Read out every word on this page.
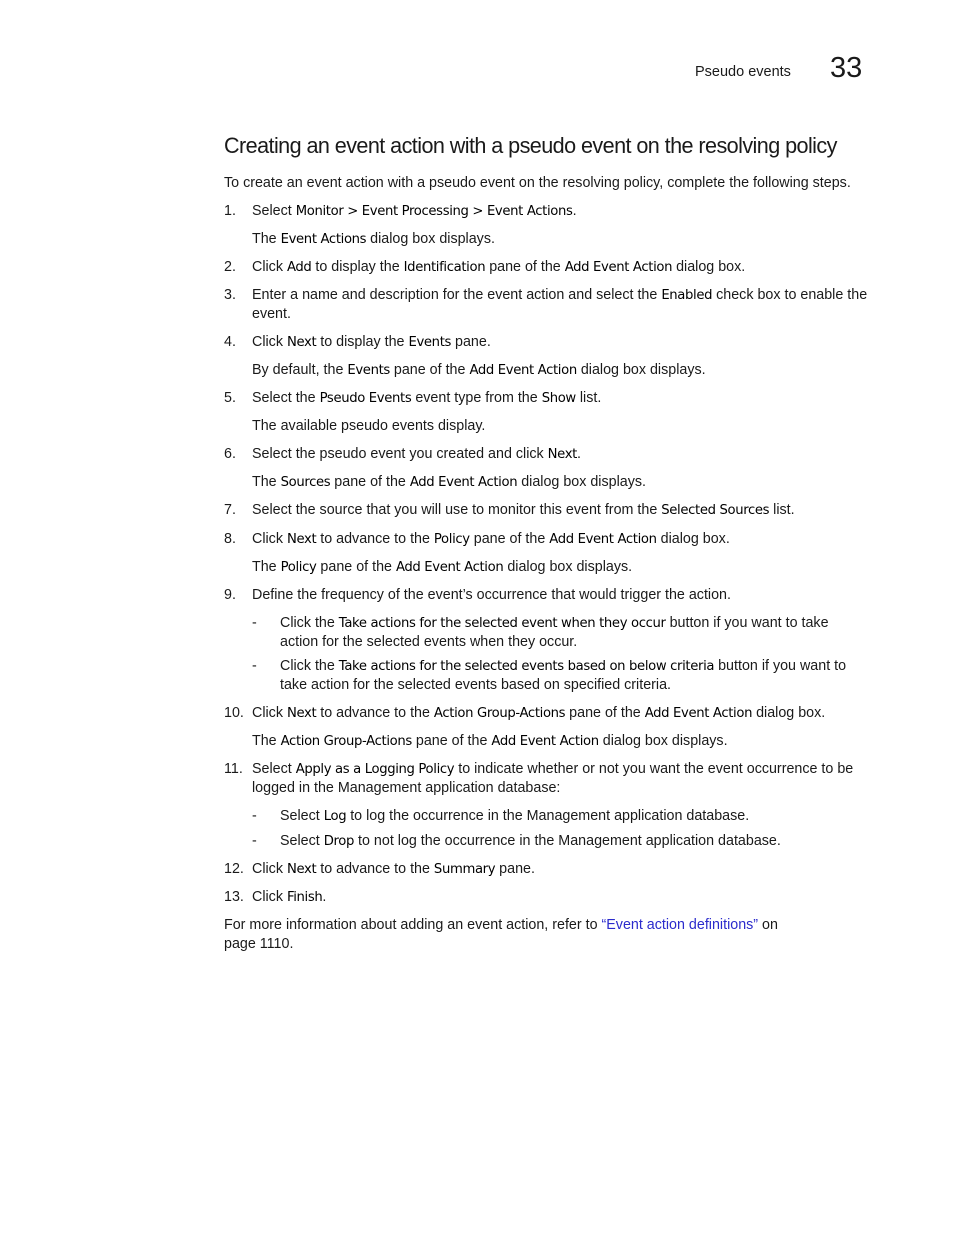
Pseudo events 33
Creating an event action with a pseudo event on the resolving policy
To create an event action with a pseudo event on the resolving policy, complete the following steps.
1. Select Monitor > Event Processing > Event Actions.
The Event Actions dialog box displays.
2. Click Add to display the Identification pane of the Add Event Action dialog box.
3. Enter a name and description for the event action and select the Enabled check box to enable the event.
4. Click Next to display the Events pane.
By default, the Events pane of the Add Event Action dialog box displays.
5. Select the Pseudo Events event type from the Show list.
The available pseudo events display.
6. Select the pseudo event you created and click Next.
The Sources pane of the Add Event Action dialog box displays.
7. Select the source that you will use to monitor this event from the Selected Sources list.
8. Click Next to advance to the Policy pane of the Add Event Action dialog box.
The Policy pane of the Add Event Action dialog box displays.
9. Define the frequency of the event’s occurrence that would trigger the action.
- Click the Take actions for the selected event when they occur button if you want to take action for the selected events when they occur.
- Click the Take actions for the selected events based on below criteria button if you want to take action for the selected events based on specified criteria.
10. Click Next to advance to the Action Group-Actions pane of the Add Event Action dialog box.
The Action Group-Actions pane of the Add Event Action dialog box displays.
11. Select Apply as a Logging Policy to indicate whether or not you want the event occurrence to be logged in the Management application database:
- Select Log to log the occurrence in the Management application database.
- Select Drop to not log the occurrence in the Management application database.
12. Click Next to advance to the Summary pane.
13. Click Finish.
For more information about adding an event action, refer to “Event action definitions” on
page 1110.
